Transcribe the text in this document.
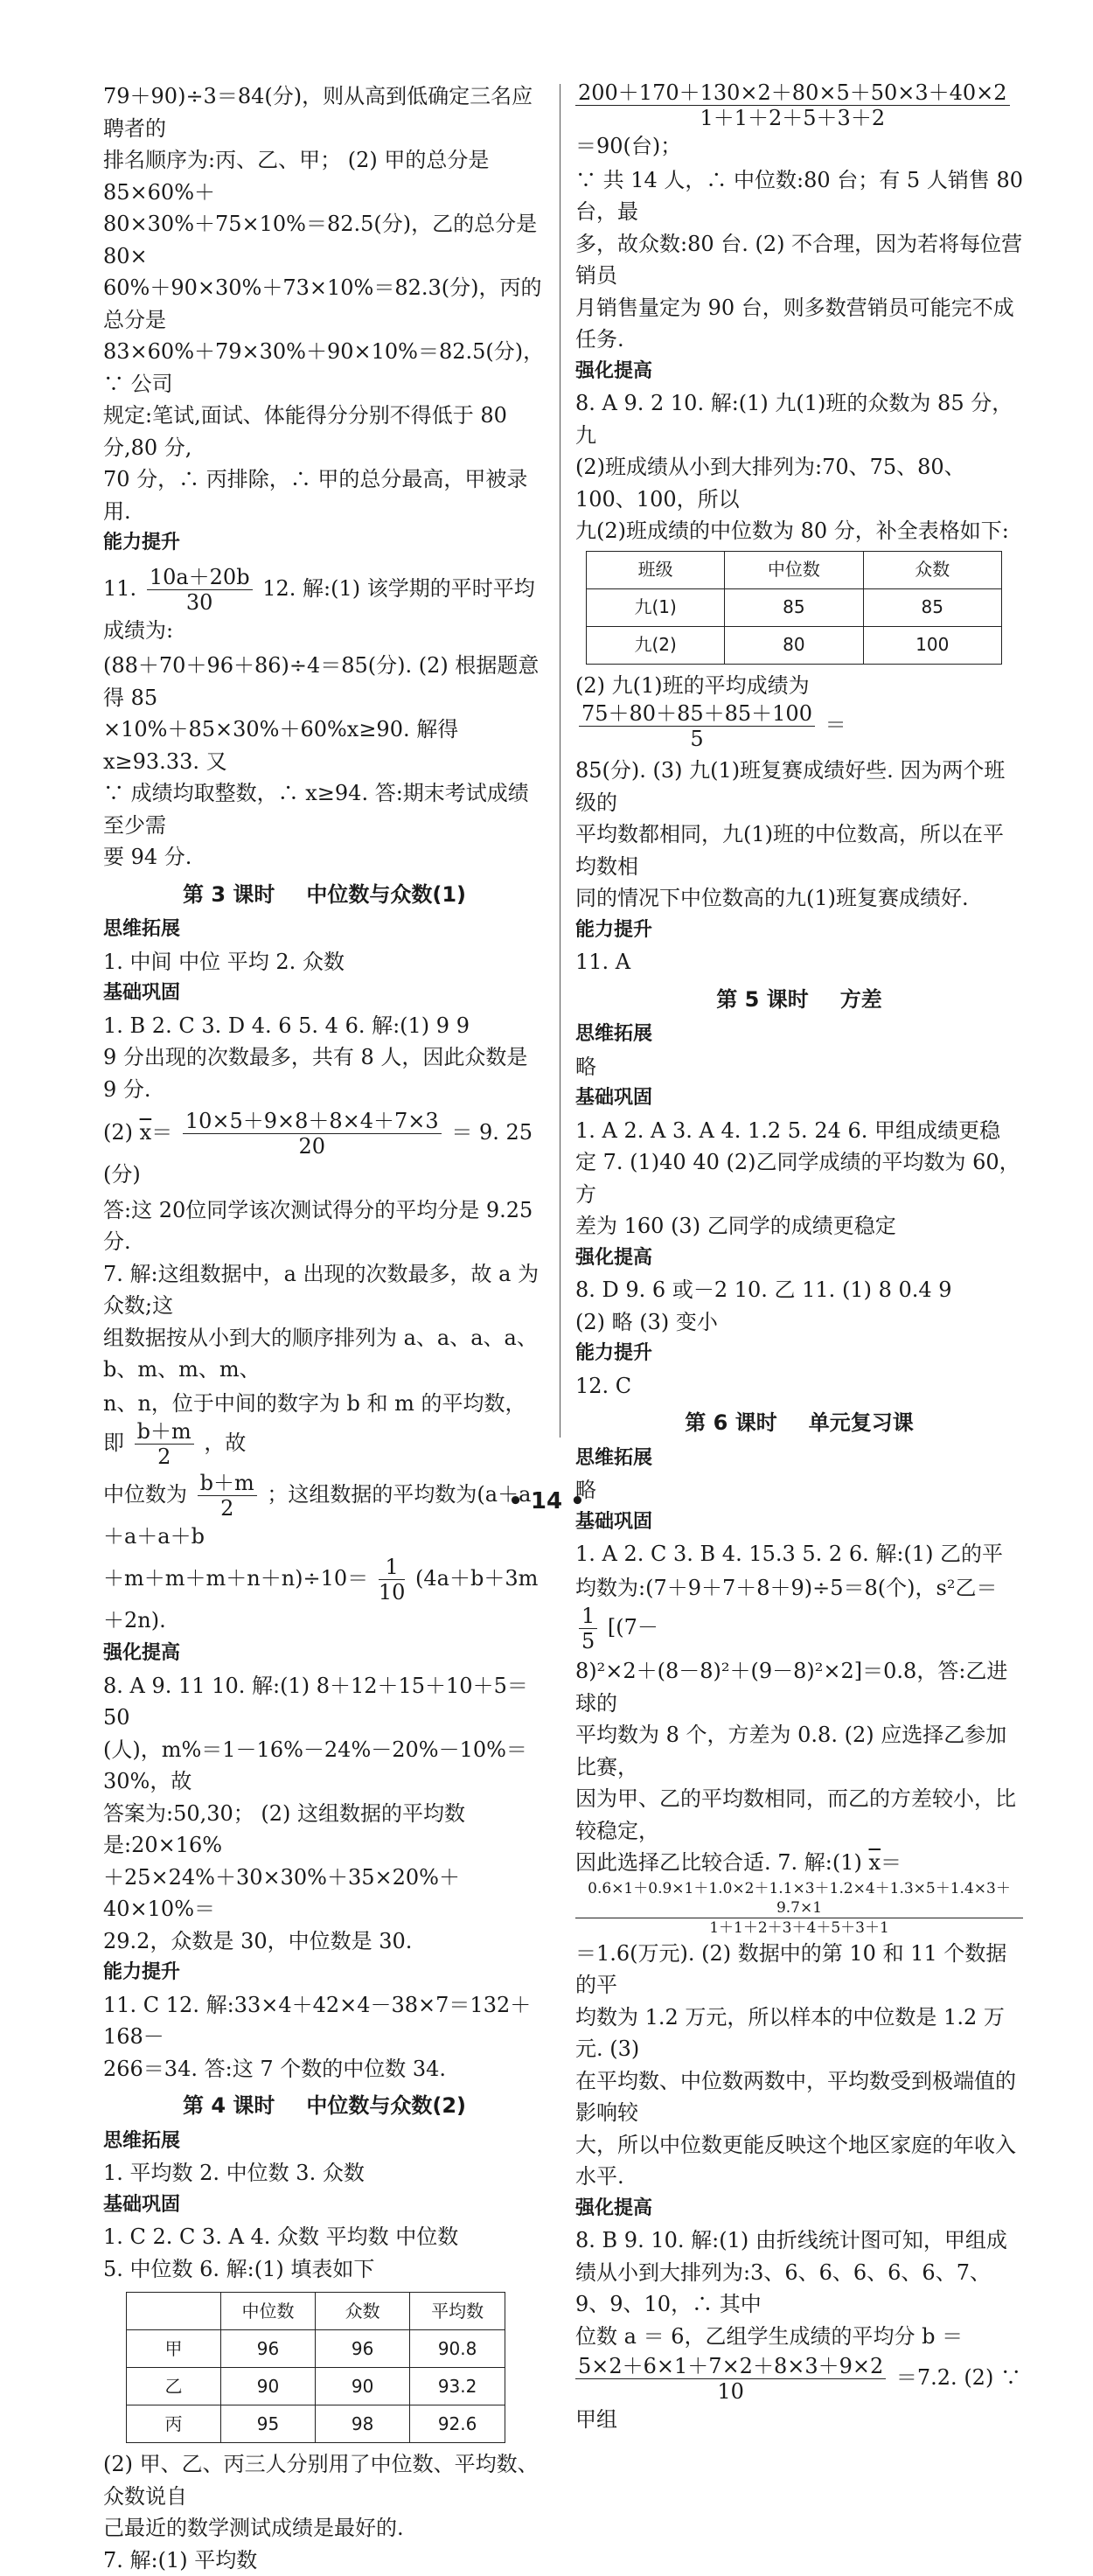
79＋90)÷3＝84(分)，则从高到低确定三名应聘者的

排名顺序为:丙、乙、甲； (2) 甲的总分是 85×60%＋

80×30%＋75×10%＝82.5(分)，乙的总分是 80×

60%＋90×30%＋73×10%＝82.3(分)，丙的总分是

83×60%＋79×30%＋90×10%＝82.5(分)，∵ 公司

规定:笔试,面试、体能得分分别不得低于 80 分,80 分,

70 分，∴ 丙排除，∴ 甲的总分最高，甲被录用.

能力提升

11. $\frac{10a+20b}{30} 12$. 解:(1) 该学期的平时平均成绩为:

(88＋70＋96＋86)÷4＝85(分). (2) 根据题意得 85

×10%＋85×30%＋60%x≥90. 解得 x≥93.33. 又

∵ 成绩均取整数，∴ x≥94. 答:期末考试成绩至少需

要 94 分.

第 3 课时 中位数与众数(1)

思维拓展

1. 中间 中位 平均 2. 众数

基础巩固

1. B 2. C 3. D 4. 6 5. 4 6. 解:(1) 9 9

9 分出现的次数最多，共有 8 人，因此众数是 9 分.

(2) $\overline{x}= \frac{10\times 5+9\times 8+8\times 4+7\times 3}{20} = 9$. 25 (分)

答:这 20位同学该次测试得分的平均分是 9.25 分.

7. 解:这组数据中，a 出现的次数最多，故 a 为众数;这

组数据按从小到大的顺序排列为 a、a、a、a、b、m、m、m、

n、n，位于中间的数字为 b 和 m 的平均数，即 $\frac{b+m}{2}$ ，故

中位数为 $\frac{b+m}{2}$ ；这组数据的平均数为(a＋a＋a＋a＋b

$+m+m+m+n+n)\div 10= \frac{1}{10} (4a+b+3m+2n)$.

强化提高

8. A 9. 11 10. 解:(1) 8＋12＋15＋10＋5＝50

(人)，m%＝1－16%－24%－20%－10%＝30%，故

答案为:50,30； (2) 这组数据的平均数是:20×16%

＋25×24%＋30×30%＋35×20%＋40×10%＝

29.2，众数是 30，中位数是 30.

能力提升

11. C 12. 解:33×4＋42×4－38×7＝132＋168－

266＝34. 答:这 7 个数的中位数 34.

第 4 课时 中位数与众数(2)

思维拓展

1. 平均数 2. 中位数 3. 众数

基础巩固

1. C 2. C 3. A 4. 众数 平均数 中位数

5. 中位数 6. 解:(1) 填表如下

	中位数	众数	平均数
甲	96	96	90.8
乙	90	90	93.2
丙	95	98	92.6

(2) 甲、乙、丙三人分别用了中位数、平均数、众数说自

己最近的数学测试成绩是最好的.

7. 解:(1) 平均数

$\frac{200+170+130\times 2+80\times 5+50\times 3+40\times 2}{1+1+2+5+3+2}$
＝90(台)；

∵ 共 14 人，∴ 中位数:80 台；有 5 人销售 80 台，最

多，故众数:80 台. (2) 不合理，因为若将每位营销员

月销售量定为 90 台，则多数营销员可能完不成任务.

强化提高

8. A 9. 2 10. 解:(1) 九(1)班的众数为 85 分，九

(2)班成绩从小到大排列为:70、75、80、100、100，所以

九(2)班成绩的中位数为 80 分，补全表格如下:

班级	中位数	众数
九(1)	85	85
九(2)	80	100

(2) 九(1)班的平均成绩为
$\frac{75+80+85+85+100}{5}$ ＝

85(分). (3) 九(1)班复赛成绩好些. 因为两个班级的

平均数都相同，九(1)班的中位数高，所以在平均数相

同的情况下中位数高的九(1)班复赛成绩好.

能力提升

11. A

第 5 课时 方差

思维拓展

略

基础巩固

1. A 2. A 3. A 4. 1.2 5. 24 6. 甲组成绩更稳

定 7. (1)40 40 (2)乙同学成绩的平均数为 60，方

差为 160 (3) 乙同学的成绩更稳定

强化提高

8. D 9. 6 或－2 10. 乙 11. (1) 8 0.4 9

(2) 略 (3) 变小

能力提升

12. C

第 6 课时 单元复习课

思维拓展

略

基础巩固

1. A 2. C 3. B 4. 15.3 5. 2 6. 解:(1) 乙的平

均数为:(7＋9＋7＋8＋9)÷5＝8(个)，s²乙＝
$\frac{1}{5} [(7-$

8)²×2＋(8－8)²＋(9－8)²×2]＝0.8，答:乙进球的

平均数为 8 个，方差为 0.8. (2) 应选择乙参加比赛，

因为甲、乙的平均数相同，而乙的方差较小，比较稳定，

因此选择乙比较合适. 7. 解:(1) $\overline{x}=$

$\frac{0.6\times 1+0.9\times 1+1.0\times 2+1.1\times 3+1.2\times 4+1.3\times 5+1.4\times 3+9.7\times 1}{1+1+2+3+4+5+3+1}$

＝1.6(万元). (2) 数据中的第 10 和 11 个数据的平

均数为 1.2 万元，所以样本的中位数是 1.2 万元. (3)

在平均数、中位数两数中，平均数受到极端值的影响较

大，所以中位数更能反映这个地区家庭的年收入水平.

强化提高

8. B 9. 10. 解:(1) 由折线统计图可知，甲组成

绩从小到大排列为:3、6、6、6、6、6、7、9、9、10，∴ 其中

位数 a ＝ 6，乙组学生成绩的平均分 b ＝

$\frac{5\times 2+6\times 1+7\times 2+8\times 3+9\times 2}{10} =7.2$. (2) ∵ 甲组

• 14 •
